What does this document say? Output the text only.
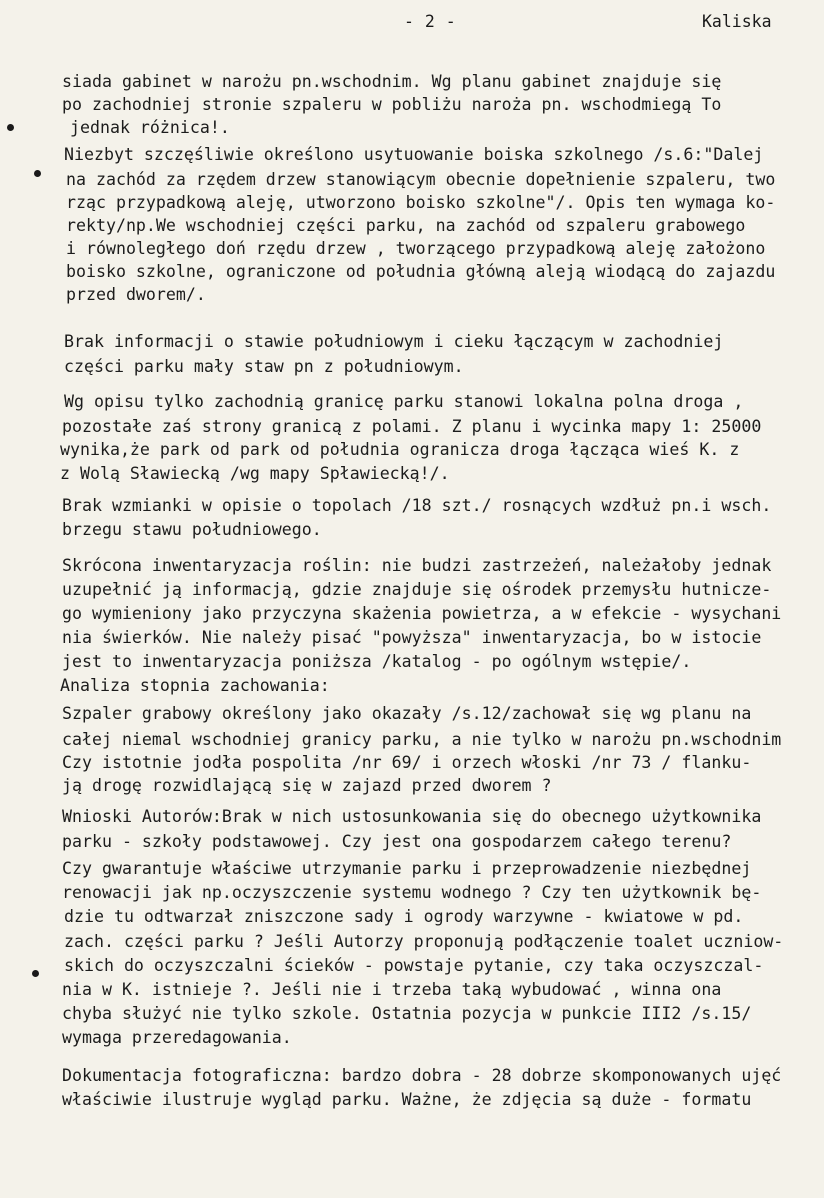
- 2 -	Kaliska
siada gabinet w narożu pn.wschodnim. Wg planu gabinet znajduje się
po zachodniej stronie szpaleru w pobliżu naroża pn. wschodmiegą To
jednak różnica!.
Niezbyt szczęśliwie określono usytuowanie boiska szkolnego /s.6:"Dalej
na zachód za rzędem drzew stanowiącym obecnie dopełnienie szpaleru, two
rząc przypadkową aleję, utworzono boisko szkolne"/. Opis ten wymaga ko-
rekty/np.We wschodniej części parku, na zachód od szpaleru grabowego
i równoległego doń rzędu drzew , tworzącego przypadkową aleję założono
boisko szkolne, ograniczone od południa główną aleją wiodącą do zajazdu
przed dworem/.
Brak informacji o stawie południowym i cieku łączącym w zachodniej
części parku mały staw pn z południowym.
Wg opisu tylko zachodnią granicę parku stanowi lokalna polna droga ,
pozostałe zaś strony granicą z polami. Z planu i wycinka mapy 1: 25000
wynika,że park od park od południa ogranicza droga łącząca wieś K. z
z Wolą Sławiecką /wg mapy Spławiecką!/.
Brak wzmianki w opisie o topolach /18 szt./ rosnących wzdłuż pn.i wsch.
brzegu stawu południowego.
Skrócona inwentaryzacja roślin: nie budzi zastrzeżeń, należałoby jednak
uzupełnić ją informacją, gdzie znajduje się ośrodek przemysłu hutnicze-
go wymieniony jako przyczyna skażenia powietrza, a w efekcie - wysychani
nia świerków. Nie należy pisać "powyższa" inwentaryzacja, bo w istocie
jest to inwentaryzacja poniższa /katalog - po ogólnym wstępie/.
Analiza stopnia zachowania:
Szpaler grabowy określony jako okazały /s.12/zachował się wg planu na
całej niemal wschodniej granicy parku, a nie tylko w narożu pn.wschodnim
Czy istotnie jodła pospolita /nr 69/ i orzech włoski /nr 73 / flanku-
ją drogę rozwidlającą się w zajazd przed dworem ?
Wnioski Autorów:Brak w nich ustosunkowania się do obecnego użytkownika
parku - szkoły podstawowej. Czy jest ona gospodarzem całego terenu?
Czy gwarantuje właściwe utrzymanie parku i przeprowadzenie niezbędnej
renowacji jak np.oczyszczenie systemu wodnego ? Czy ten użytkownik bę-
dzie tu odtwarzał zniszczone sady i ogrody warzywne - kwiatowe w pd.
zach. części parku ? Jeśli Autorzy proponują podłączenie toalet uczniow-
skich do oczyszczalni ścieków - powstaje pytanie, czy taka oczyszczal-
nia w K. istnieje ?. Jeśli nie i trzeba taką wybudować , winna ona
chyba służyć nie tylko szkole. Ostatnia pozycja w punkcie III2 /s.15/
wymaga przeredagowania.
Dokumentacja fotograficzna: bardzo dobra - 28 dobrze skomponowanych ujęć
właściwie ilustruje wygląd parku. Ważne, że zdjęcia są duże - formatu
